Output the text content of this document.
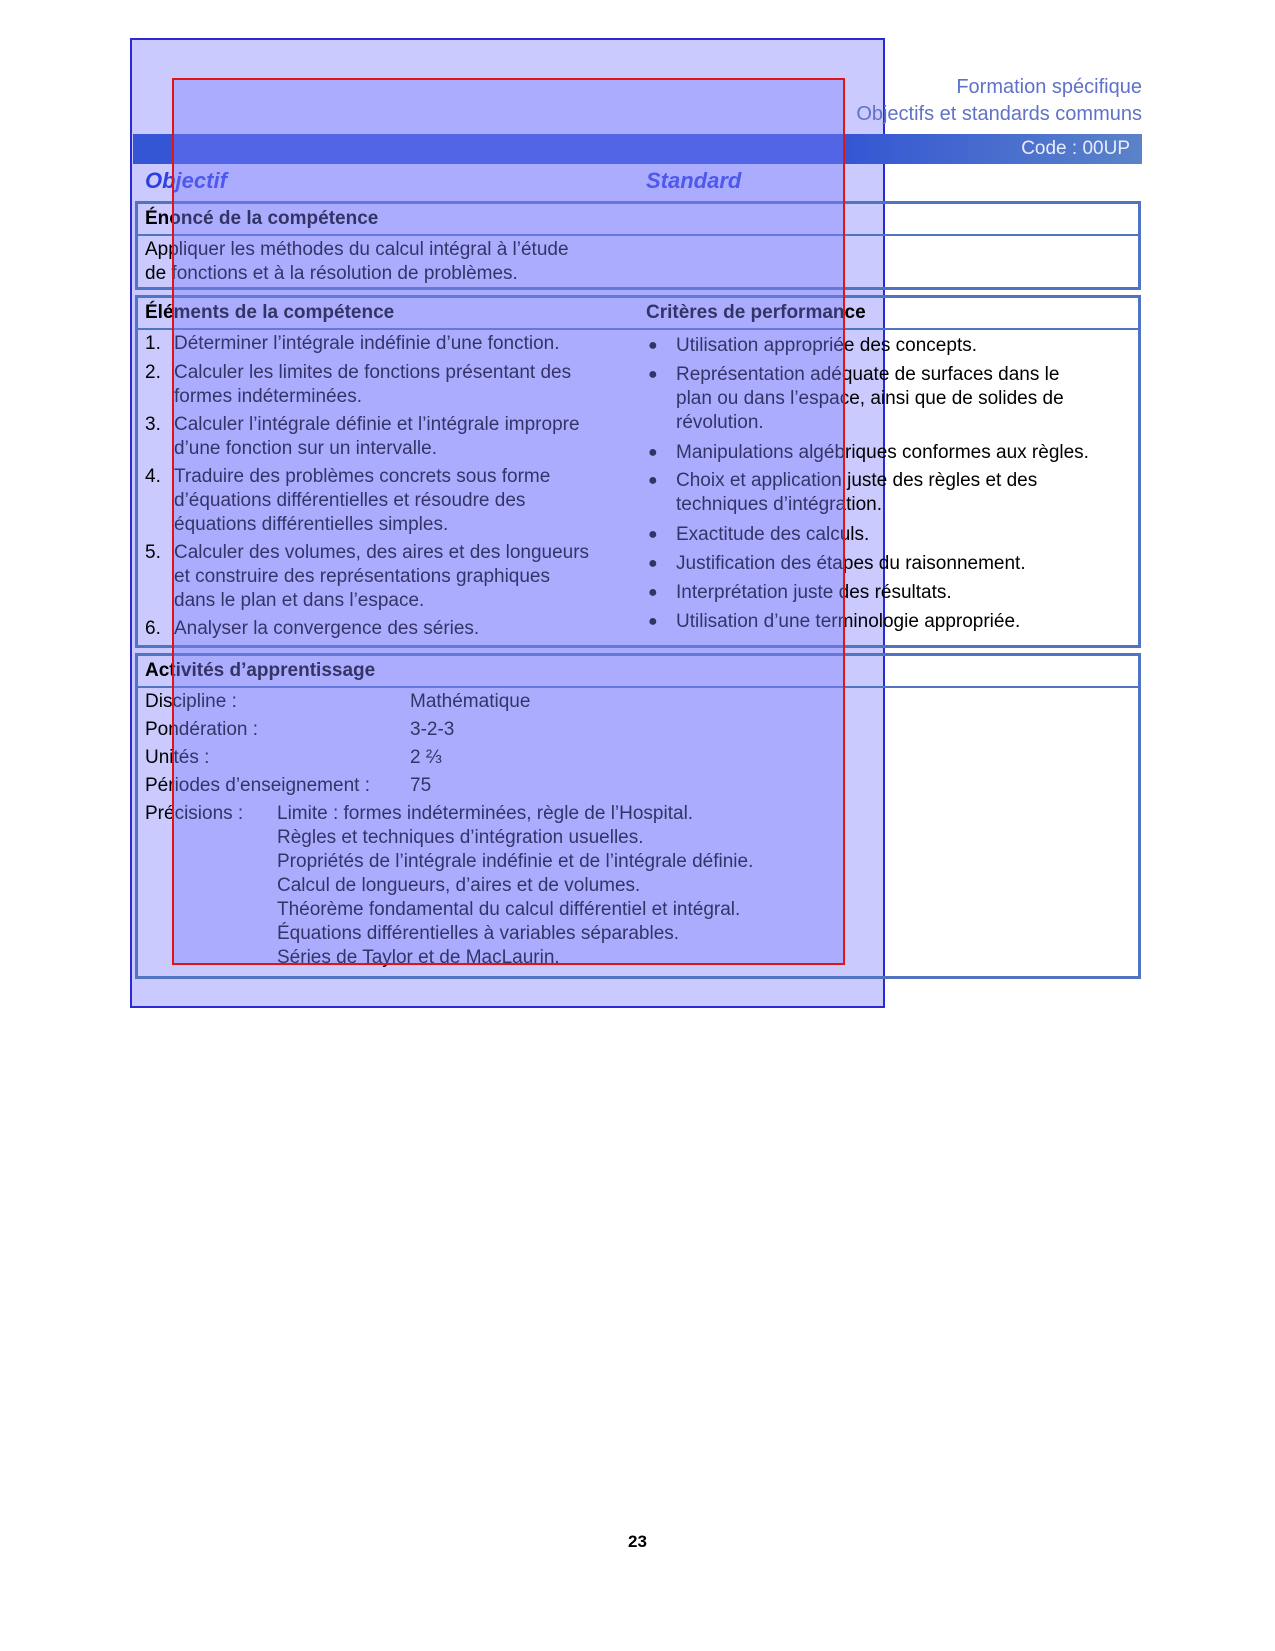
Formation spécifique
Objectifs et standards communs
Code : 00UP
Objectif	Standard
Énoncé de la compétence
Appliquer les méthodes du calcul intégral à l’étude
de fonctions et à la résolution de problèmes.
Éléments de la compétence	Critères de performance
1. Déterminer l’intégrale indéfinie d’une fonction.
2. Calculer les limites de fonctions présentant des
formes indéterminées.
3. Calculer l’intégrale définie et l’intégrale impropre
d’une fonction sur un intervalle.
4. Traduire des problèmes concrets sous forme
d’équations différentielles et résoudre des
équations différentielles simples.
5. Calculer des volumes, des aires et des longueurs
et construire des représentations graphiques
dans le plan et dans l’espace.
6. Analyser la convergence des séries.
● Utilisation appropriée des concepts.
● Représentation adéquate de surfaces dans le
plan ou dans l’espace, ainsi que de solides de
révolution.
● Manipulations algébriques conformes aux règles.
● Choix et application juste des règles et des
techniques d’intégration.
● Exactitude des calculs.
● Justification des étapes du raisonnement.
● Interprétation juste des résultats.
● Utilisation d’une terminologie appropriée.
Activités d’apprentissage
Discipline :	Mathématique
Pondération :	3-2-3
Unités :	2 ⅔
Périodes d’enseignement : 75
Précisions : Limite : formes indéterminées, règle de l’Hospital.
Règles et techniques d’intégration usuelles.
Propriétés de l’intégrale indéfinie et de l’intégrale définie.
Calcul de longueurs, d’aires et de volumes.
Théorème fondamental du calcul différentiel et intégral.
Équations différentielles à variables séparables.
Séries de Taylor et de MacLaurin.
23
